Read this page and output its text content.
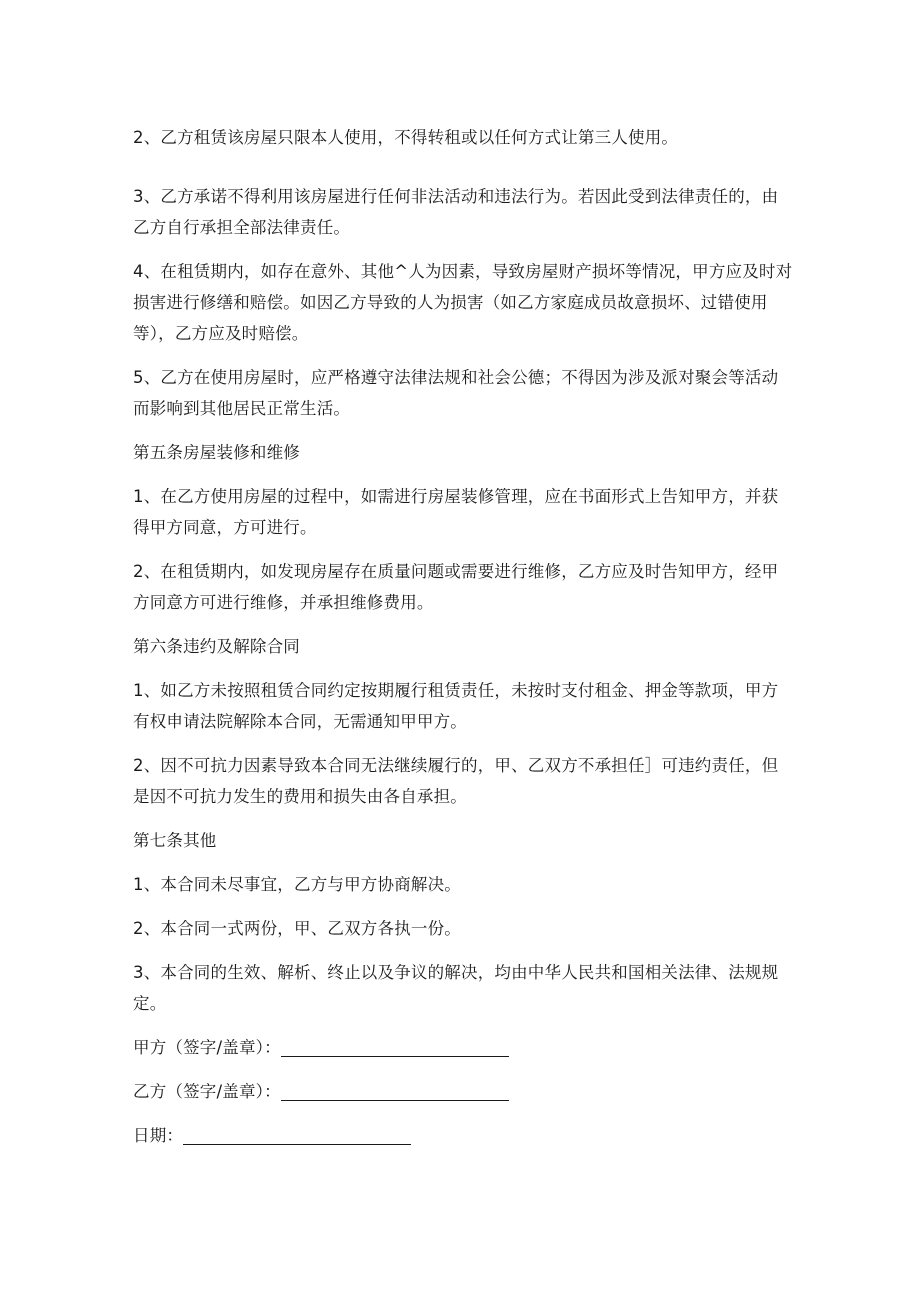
2、乙方租赁该房屋只限本人使用，不得转租或以任何方式让第三人使用。

3、乙方承诺不得利用该房屋进行任何非法活动和违法行为。若因此受到法律责任的，由乙方自行承担全部法律责任。

4、在租赁期内，如存在意外、其他^人为因素，导致房屋财产损坏等情况，甲方应及时对损害进行修缮和赔偿。如因乙方导致的人为损害（如乙方家庭成员故意损坏、过错使用等），乙方应及时赔偿。

5、乙方在使用房屋时，应严格遵守法律法规和社会公德；不得因为涉及派对聚会等活动而影响到其他居民正常生活。

第五条房屋装修和维修

1、在乙方使用房屋的过程中，如需进行房屋装修管理，应在书面形式上告知甲方，并获得甲方同意，方可进行。

2、在租赁期内，如发现房屋存在质量问题或需要进行维修，乙方应及时告知甲方，经甲方同意方可进行维修，并承担维修费用。

第六条违约及解除合同

1、如乙方未按照租赁合同约定按期履行租赁责任，未按时支付租金、押金等款项，甲方有权申请法院解除本合同，无需通知甲甲方。

2、因不可抗力因素导致本合同无法继续履行的，甲、乙双方不承担任］可违约责任，但是因不可抗力发生的费用和损失由各自承担。

第七条其他

1、本合同未尽事宜，乙方与甲方协商解决。

2、本合同一式两份，甲、乙双方各执一份。

3、本合同的生效、解析、终止以及争议的解决，均由中华人民共和国相关法律、法规规定。

甲方（签字/盖章）：
乙方（签字/盖章）：
日期：
